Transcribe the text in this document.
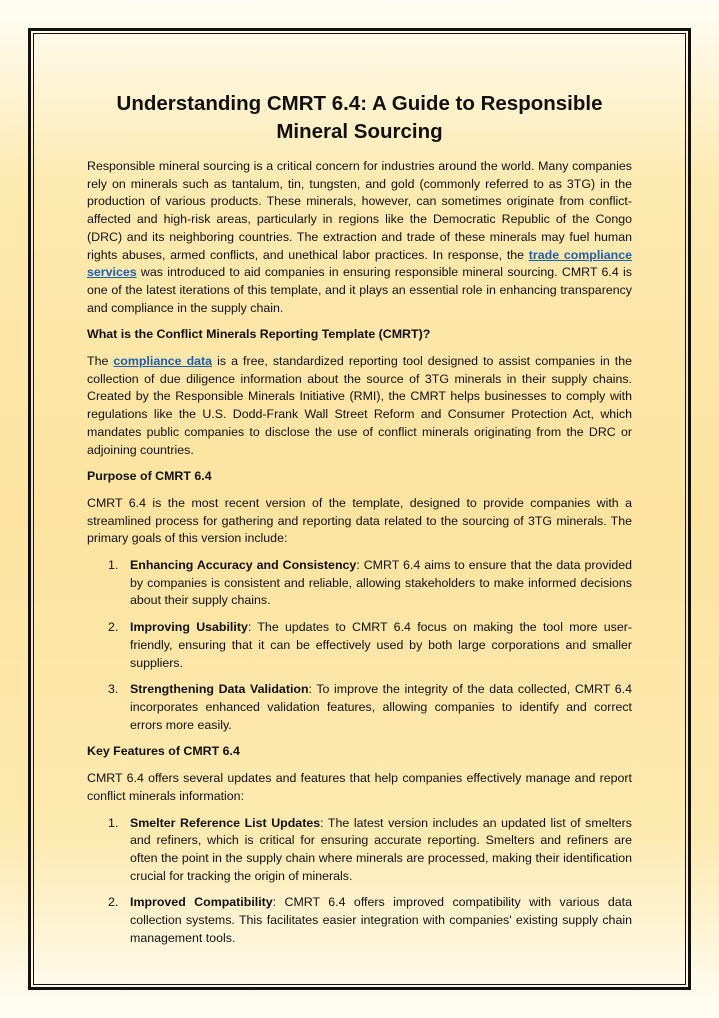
Understanding CMRT 6.4: A Guide to Responsible Mineral Sourcing

Responsible mineral sourcing is a critical concern for industries around the world. Many companies rely on minerals such as tantalum, tin, tungsten, and gold (commonly referred to as 3TG) in the production of various products. These minerals, however, can sometimes originate from conflict-affected and high-risk areas, particularly in regions like the Democratic Republic of the Congo (DRC) and its neighboring countries. The extraction and trade of these minerals may fuel human rights abuses, armed conflicts, and unethical labor practices. In response, the trade compliance services was introduced to aid companies in ensuring responsible mineral sourcing. CMRT 6.4 is one of the latest iterations of this template, and it plays an essential role in enhancing transparency and compliance in the supply chain.

What is the Conflict Minerals Reporting Template (CMRT)?

The compliance data is a free, standardized reporting tool designed to assist companies in the collection of due diligence information about the source of 3TG minerals in their supply chains. Created by the Responsible Minerals Initiative (RMI), the CMRT helps businesses to comply with regulations like the U.S. Dodd-Frank Wall Street Reform and Consumer Protection Act, which mandates public companies to disclose the use of conflict minerals originating from the DRC or adjoining countries.

Purpose of CMRT 6.4

CMRT 6.4 is the most recent version of the template, designed to provide companies with a streamlined process for gathering and reporting data related to the sourcing of 3TG minerals. The primary goals of this version include:

1. Enhancing Accuracy and Consistency: CMRT 6.4 aims to ensure that the data provided by companies is consistent and reliable, allowing stakeholders to make informed decisions about their supply chains.
2. Improving Usability: The updates to CMRT 6.4 focus on making the tool more user-friendly, ensuring that it can be effectively used by both large corporations and smaller suppliers.
3. Strengthening Data Validation: To improve the integrity of the data collected, CMRT 6.4 incorporates enhanced validation features, allowing companies to identify and correct errors more easily.
Key Features of CMRT 6.4

CMRT 6.4 offers several updates and features that help companies effectively manage and report conflict minerals information:

1. Smelter Reference List Updates: The latest version includes an updated list of smelters and refiners, which is critical for ensuring accurate reporting. Smelters and refiners are often the point in the supply chain where minerals are processed, making their identification crucial for tracking the origin of minerals.
2. Improved Compatibility: CMRT 6.4 offers improved compatibility with various data collection systems. This facilitates easier integration with companies' existing supply chain management tools.
